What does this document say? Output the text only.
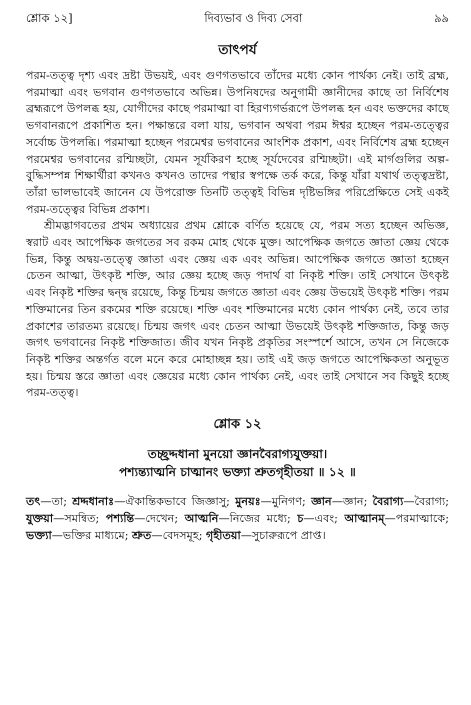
শ্লোক ১২]	দিব্যভাব ও দিব্য সেবা	৯৯
তাৎপর্য

পরম-তত্ত্ব দৃশ্য এবং দ্রষ্টা উভয়ই, এবং গুণগতভাবে তাঁদের মধ্যে কোন পার্থক্য নেই। তাই ব্রহ্ম, পরমাত্মা এবং ভগবান গুণগতভাবে অভিন্ন। উপনিষদের অনুগামী জ্ঞানীদের কাছে তা নির্বিশেষ ব্রহ্মরূপে উপলব্ধ হয়, যোগীদের কাছে পরমাত্মা বা হিরণ্যগর্ভরূপে উপলব্ধ হন এবং ভক্তদের কাছে ভগবানরূপে প্রকাশিত হন। পক্ষান্তরে বলা যায়, ভগবান অথবা পরম ঈশ্বর হচ্ছেন পরম-তত্ত্বের সর্বোচ্চ উপলব্ধি। পরমাত্মা হচ্ছেন পরমেশ্বর ভগবানের আংশিক প্রকাশ, এবং নির্বিশেষ ব্রহ্ম হচ্ছেন পরমেশ্বর ভগবানের রশ্মিচ্ছটা, যেমন সূর্যকিরণ হচ্ছে সূর্যদেবের রশ্মিচ্ছটা। এই মার্গগুলির অল্প-বুদ্ধিসম্পন্ন শিক্ষার্থীরা কখনও কখনও তাদের পন্থার স্বপক্ষে তর্ক করে, কিন্তু যাঁরা যথার্থ তত্ত্বদ্রষ্টা, তাঁরা ভালভাবেই জানেন যে উপরোক্ত তিনটি তত্ত্বই বিভিন্ন দৃষ্টিভঙ্গির পরিপ্রেক্ষিতে সেই একই পরম-তত্ত্বের বিভিন্ন প্রকাশ।

শ্রীমদ্ভাগবতের প্রথম অধ্যায়ের প্রথম শ্লোকে বর্ণিত হয়েছে যে, পরম সত্য হচ্ছেন অভিজ্ঞ, স্বরাট এবং আপেক্ষিক জগতের সব রকম মোহ থেকে মুক্ত। আপেক্ষিক জগতে জ্ঞাতা জ্ঞেয় থেকে ভিন্ন, কিন্তু অদ্বয়-তত্ত্বে জ্ঞাতা এবং জ্ঞেয় এক এবং অভিন্ন। আপেক্ষিক জগতে জ্ঞাতা হচ্ছেন চেতন আত্মা, উৎকৃষ্ট শক্তি, আর জ্ঞেয় হচ্ছে জড় পদার্থ বা নিকৃষ্ট শক্তি। তাই সেখানে উৎকৃষ্ট এবং নিকৃষ্ট শক্তির দ্বন্দ্ব রয়েছে, কিন্তু চিন্ময় জগতে জ্ঞাতা এবং জ্ঞেয় উভয়েই উৎকৃষ্ট শক্তি। পরম শক্তিমানের তিন রকমের শক্তি রয়েছে। শক্তি এবং শক্তিমানের মধ্যে কোন পার্থক্য নেই, তবে তার প্রকাশের তারতম্য রয়েছে। চিন্ময় জগৎ এবং চেতন আত্মা উভয়েই উৎকৃষ্ট শক্তিজাত, কিন্তু জড় জগৎ ভগবানের নিকৃষ্ট শক্তিজাত। জীব যখন নিকৃষ্ট প্রকৃতির সংস্পর্শে আসে, তখন সে নিজেকে নিকৃষ্ট শক্তির অন্তর্গত বলে মনে করে মোহাচ্ছন্ন হয়। তাই এই জড় জগতে আপেক্ষিকতা অনুভূত হয়। চিন্ময় স্তরে জ্ঞাতা এবং জ্ঞেয়ের মধ্যে কোন পার্থক্য নেই, এবং তাই সেখানে সব কিছুই হচ্ছে পরম-তত্ত্ব।

শ্লোক ১২
তচ্ছ্রদ্দধানা মুনয়ো জ্ঞানবৈরাগ্যযুক্তয়া।
পশ্যন্ত্যাত্মনি চাত্মানং ভক্ত্যা শ্রুতগৃহীতয়া ॥ ১২ ॥
তৎ—তা; শ্রদ্দধানাঃ—ঐকান্তিকভাবে জিজ্ঞাসু; মুনয়ঃ—মুনিগণ; জ্ঞান—জ্ঞান; বৈরাগ্য—বৈরাগ্য; যুক্তয়া—সমন্বিত; পশ্যন্তি—দেখেন; আত্মনি—নিজের মধ্যে; চ—এবং; আত্মানম্—পরমাত্মাকে; ভক্ত্যা—ভক্তির মাধ্যমে; শ্রুত—বেদসমূহ; গৃহীতয়া—সুচারুরূপে প্রাপ্ত।
